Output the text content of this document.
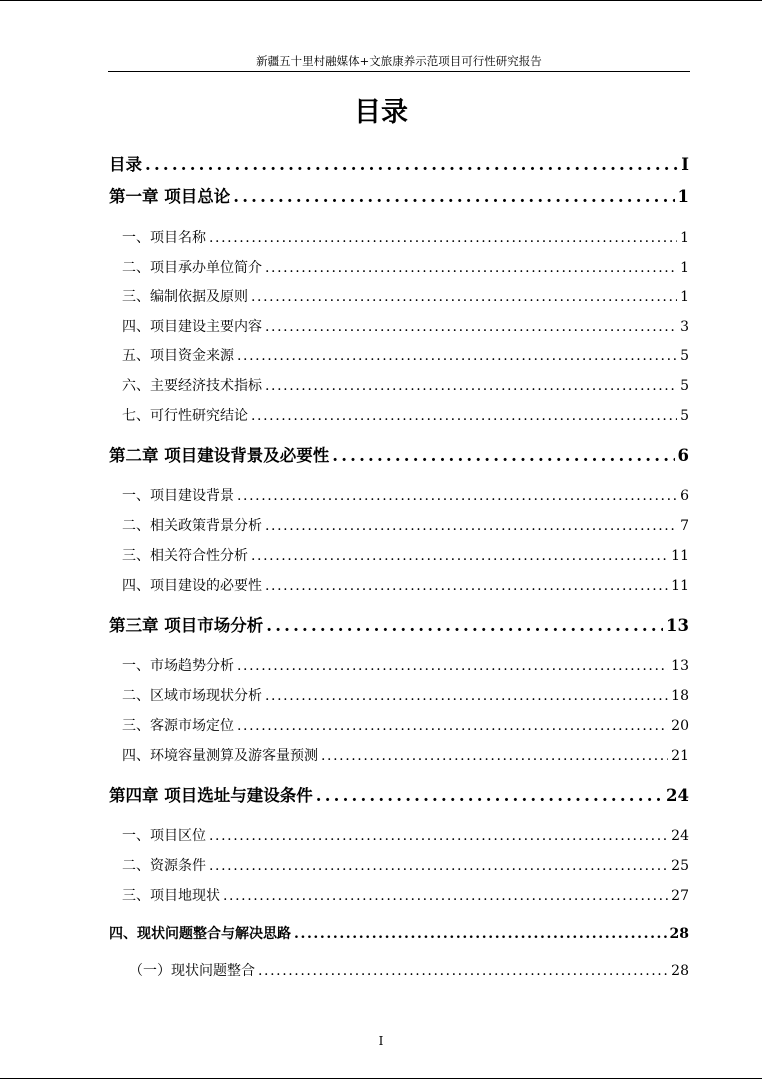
新疆五十里村融媒体+文旅康养示范项目可行性研究报告
目录
目录 .....	I
第一章 项目总论 .....	1
一、项目名称 .....	1
二、项目承办单位简介 .....	1
三、编制依据及原则 .....	1
四、项目建设主要内容 .....	3
五、项目资金来源 .....	5
六、主要经济技术指标 .....	5
七、可行性研究结论 .....	5
第二章 项目建设背景及必要性 .....	6
一、项目建设背景 .....	6
二、相关政策背景分析 .....	7
三、相关符合性分析 .....	11
四、项目建设的必要性 .....	11
第三章 项目市场分析 .....	13
一、市场趋势分析 .....	13
二、区域市场现状分析 .....	18
三、客源市场定位 .....	20
四、环境容量测算及游客量预测 .....	21
第四章 项目选址与建设条件 .....	24
一、项目区位 .....	24
二、资源条件 .....	25
三、项目地现状 .....	27
四、现状问题整合与解决思路 .....	28
（一）现状问题整合 .....	28
I
